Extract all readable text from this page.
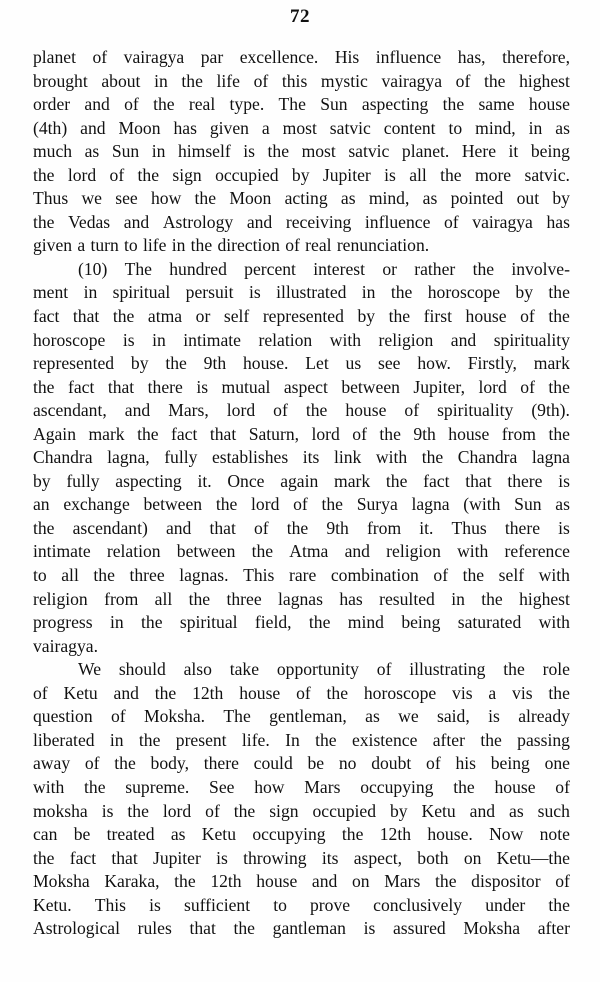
72
planet of vairagya par excellence. His influence has, therefore,
brought about in the life of this mystic vairagya of the highest
order and of the real type. The Sun aspecting the same house
(4th) and Moon has given a most satvic content to mind, in as
much as Sun in himself is the most satvic planet. Here it being
the lord of the sign occupied by Jupiter is all the more satvic.
Thus we see how the Moon acting as mind, as pointed out by
the Vedas and Astrology and receiving influence of vairagya has
given a turn to life in the direction of real renunciation.
(10) The hundred percent interest or rather the involve-
ment in spiritual persuit is illustrated in the horoscope by the
fact that the atma or self represented by the first house of the
horoscope is in intimate relation with religion and spirituality
represented by the 9th house. Let us see how. Firstly, mark
the fact that there is mutual aspect between Jupiter, lord of the
ascendant, and Mars, lord of the house of spirituality (9th).
Again mark the fact that Saturn, lord of the 9th house from the
Chandra lagna, fully establishes its link with the Chandra lagna
by fully aspecting it. Once again mark the fact that there is
an exchange between the lord of the Surya lagna (with Sun as
the ascendant) and that of the 9th from it. Thus there is
intimate relation between the Atma and religion with reference
to all the three lagnas. This rare combination of the self with
religion from all the three lagnas has resulted in the highest
progress in the spiritual field, the mind being saturated with
vairagya.
We should also take opportunity of illustrating the role
of Ketu and the 12th house of the horoscope vis a vis the
question of Moksha. The gentleman, as we said, is already
liberated in the present life. In the existence after the passing
away of the body, there could be no doubt of his being one
with the supreme. See how Mars occupying the house of
moksha is the lord of the sign occupied by Ketu and as such
can be treated as Ketu occupying the 12th house. Now note
the fact that Jupiter is throwing its aspect, both on Ketu—the
Moksha Karaka, the 12th house and on Mars the dispositor of
Ketu. This is sufficient to prove conclusively under the
Astrological rules that the gantleman is assured Moksha after
